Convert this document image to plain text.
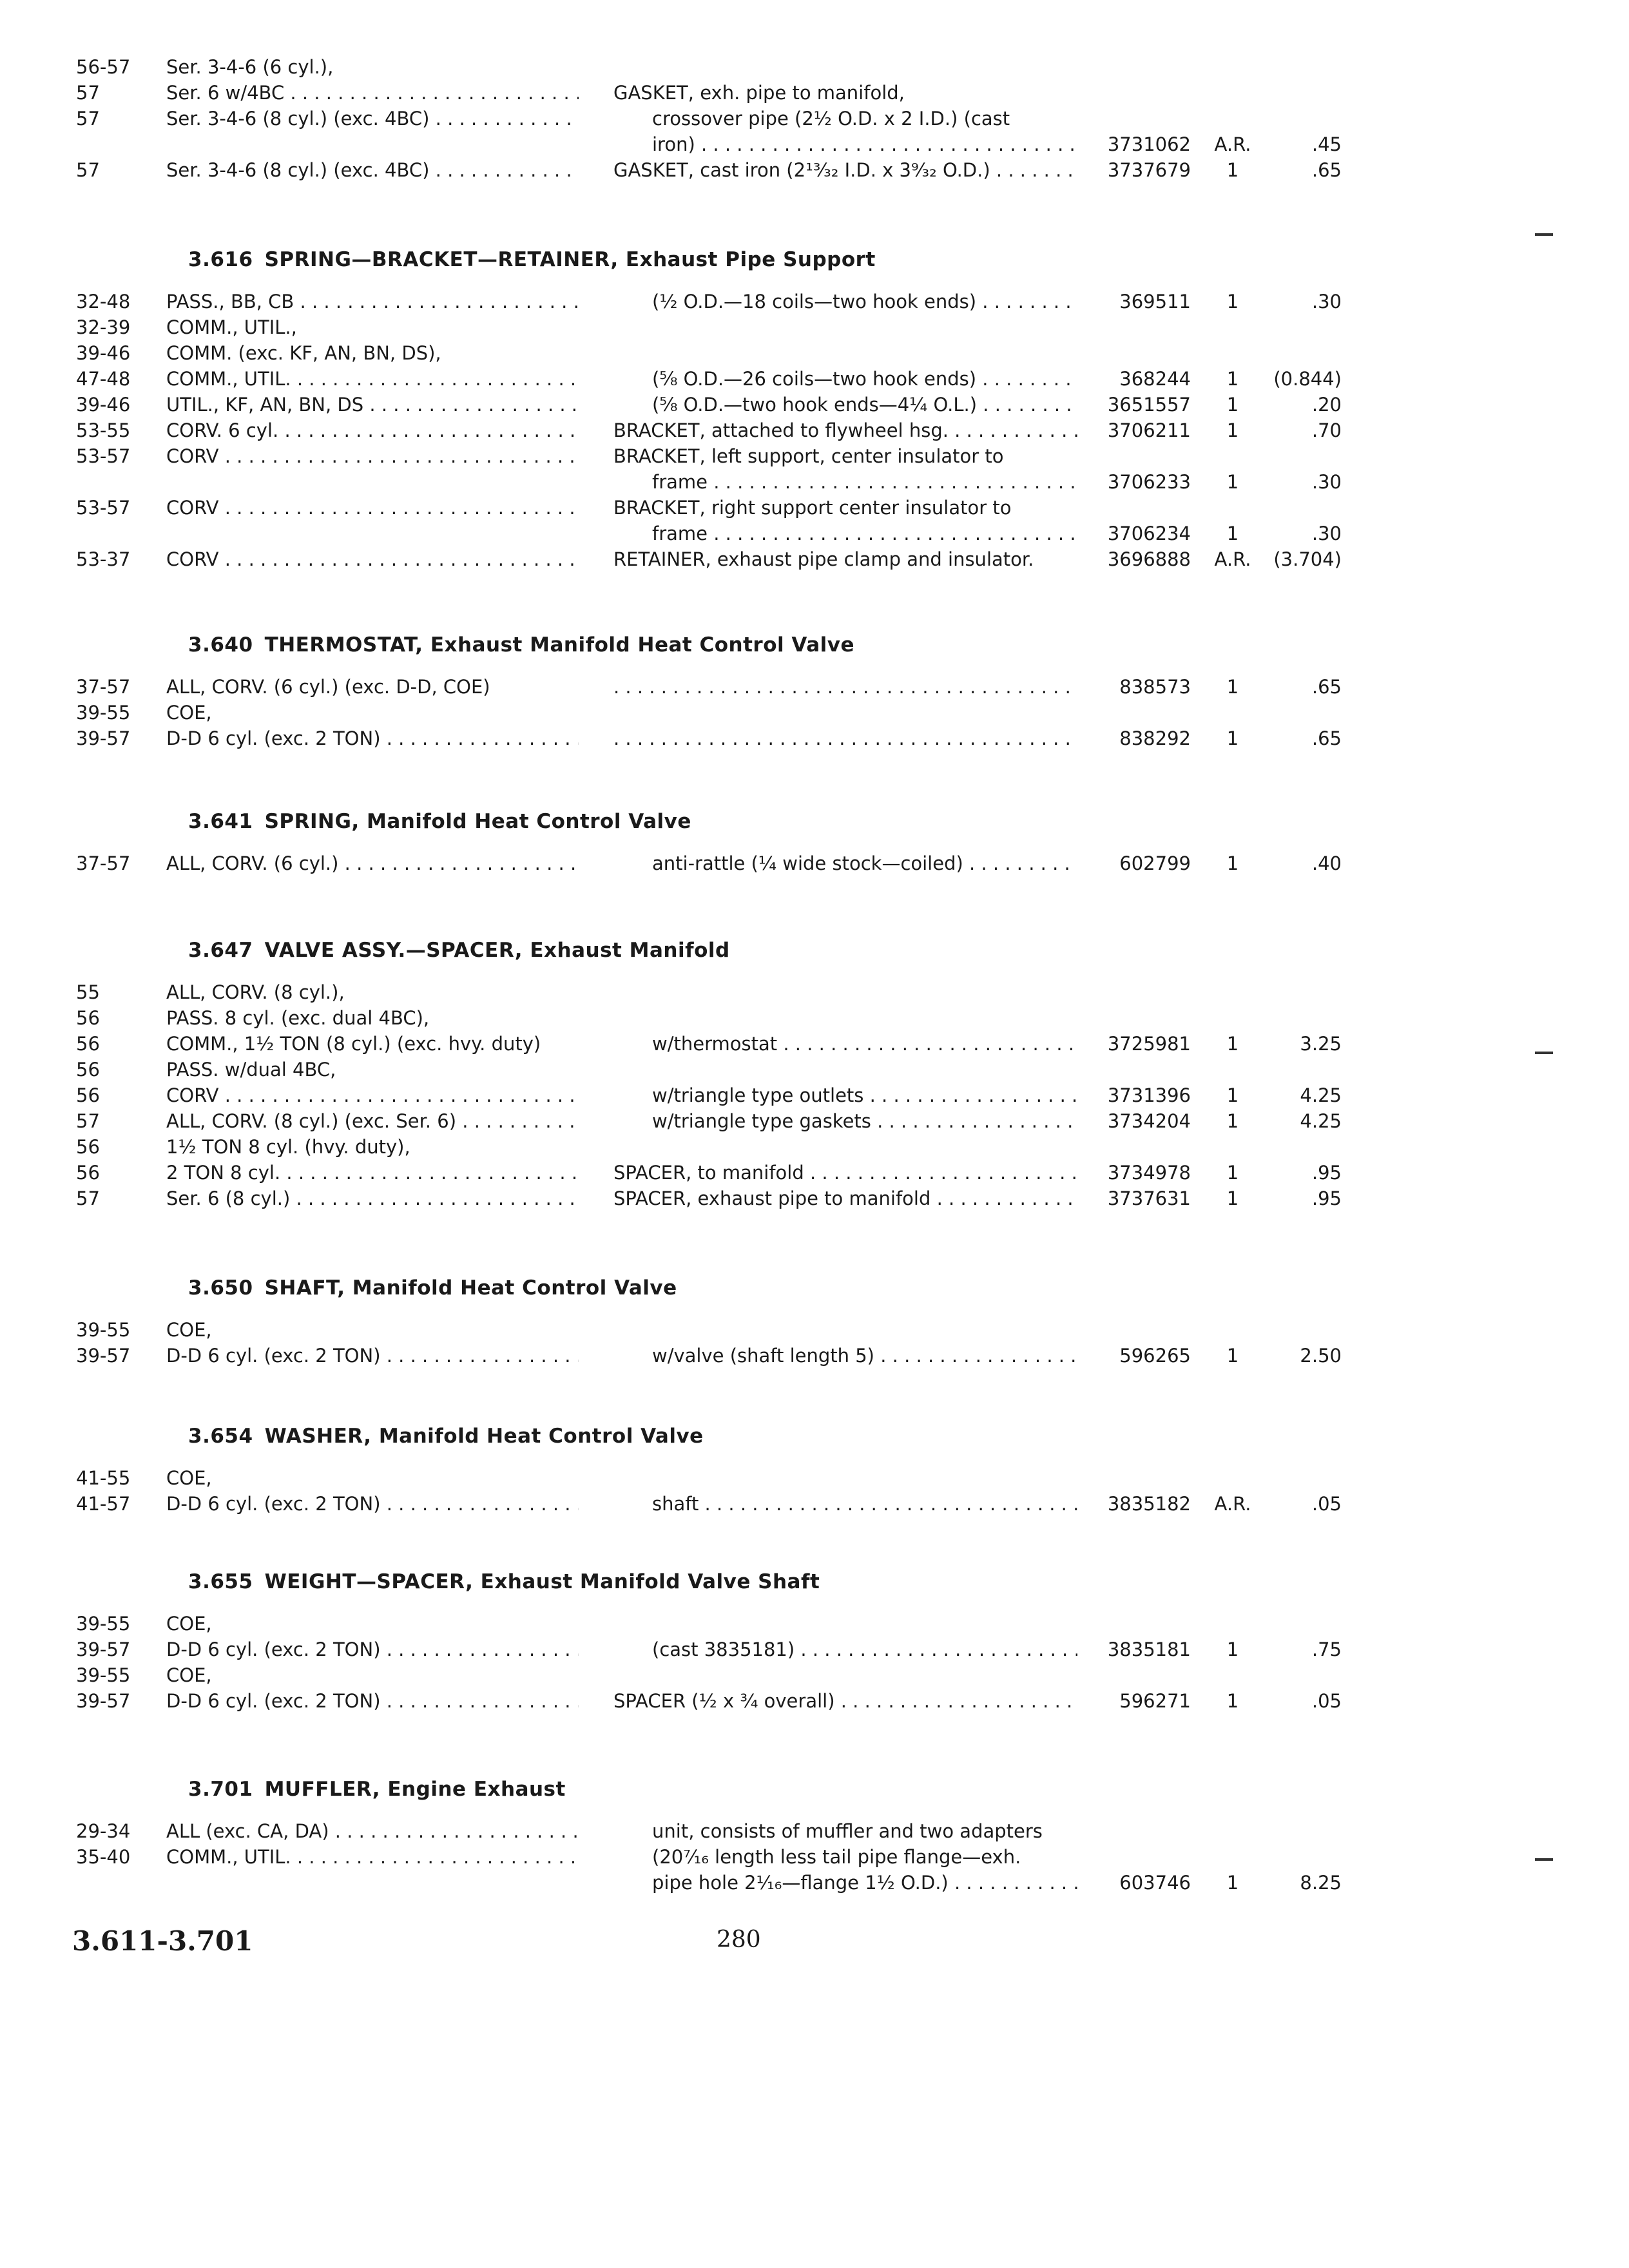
56-57	Ser. 3-4-6 (6 cyl.),
57	Ser. 6 w/4BC . . .	GASKET, exh. pipe to manifold,
57	Ser. 3-4-6 (8 cyl.) (exc. 4BC) . . .	crossover pipe (2½ O.D. x 2 I.D.) (cast
iron) . . .	3731062	A.R.	.45
57	Ser. 3-4-6 (8 cyl.) (exc. 4BC) . . .	GASKET, cast iron (2¹³⁄₃₂ I.D. x 3⁹⁄₃₂ O.D.) . . .	3737679	1	.65
3.616 SPRING—BRACKET—RETAINER, Exhaust Pipe Support
32-48	PASS., BB, CB . . .	(½ O.D.—18 coils—two hook ends) . . .	369511	1	.30
32-39	COMM., UTIL.,
39-46	COMM. (exc. KF, AN, BN, DS),
47-48	COMM., UTIL. . . .	(⅝ O.D.—26 coils—two hook ends) . . .	368244	1	(0.844)
39-46	UTIL., KF, AN, BN, DS . . .	(⅝ O.D.—two hook ends—4¼ O.L.) . . .	3651557	1	.20
53-55	CORV. 6 cyl. . . .	BRACKET, attached to flywheel hsg. . . .	3706211	1	.70
53-57	CORV . . .	BRACKET, left support, center insulator to
frame . . .	3706233	1	.30
53-57	CORV . . .	BRACKET, right support center insulator to
frame . . .	3706234	1	.30
53-37	CORV . . .	RETAINER, exhaust pipe clamp and insulator.	3696888	A.R.	(3.704)
3.640 THERMOSTAT, Exhaust Manifold Heat Control Valve
37-57	ALL, CORV. (6 cyl.) (exc. D-D, COE) . . .	838573	1	.65
39-55	COE,
39-57	D-D 6 cyl. (exc. 2 TON) . . . . . .	838292	1	.65
3.641 SPRING, Manifold Heat Control Valve
37-57	ALL, CORV. (6 cyl.) . . .	anti-rattle (¼ wide stock—coiled) . . .	602799	1	.40
3.647 VALVE ASSY.—SPACER, Exhaust Manifold
55	ALL, CORV. (8 cyl.),
56	PASS. 8 cyl. (exc. dual 4BC),
56	COMM., 1½ TON (8 cyl.) (exc. hvy. duty)	w/thermostat . . .	3725981	1	3.25
56	PASS. w/dual 4BC,
56	CORV . . .	w/triangle type outlets . . .	3731396	1	4.25
57	ALL, CORV. (8 cyl.) (exc. Ser. 6) . . .	w/triangle type gaskets . . .	3734204	1	4.25
56	1½ TON 8 cyl. (hvy. duty),
56	2 TON 8 cyl. . . .	SPACER, to manifold . . .	3734978	1	.95
57	Ser. 6 (8 cyl.) . . .	SPACER, exhaust pipe to manifold . . .	3737631	1	.95
3.650 SHAFT, Manifold Heat Control Valve
39-55	COE,
39-57	D-D 6 cyl. (exc. 2 TON) . . .	w/valve (shaft length 5) . . .	596265	1	2.50
3.654 WASHER, Manifold Heat Control Valve
41-55	COE,
41-57	D-D 6 cyl. (exc. 2 TON) . . .	shaft . . .	3835182	A.R.	.05
3.655 WEIGHT—SPACER, Exhaust Manifold Valve Shaft
39-55	COE,
39-57	D-D 6 cyl. (exc. 2 TON) . . .	(cast 3835181) . . .	3835181	1	.75
39-55	COE,
39-57	D-D 6 cyl. (exc. 2 TON) . . .	SPACER (½ x ¾ overall) . . .	596271	1	.05
3.701 MUFFLER, Engine Exhaust
29-34	ALL (exc. CA, DA) . . .	unit, consists of muffler and two adapters
35-40	COMM., UTIL. . . .	(20⁷⁄₁₆ length less tail pipe flange—exh.
pipe hole 2¹⁄₁₆—flange 1½ O.D.) . . .	603746	1	8.25
3.611-3.701	280
